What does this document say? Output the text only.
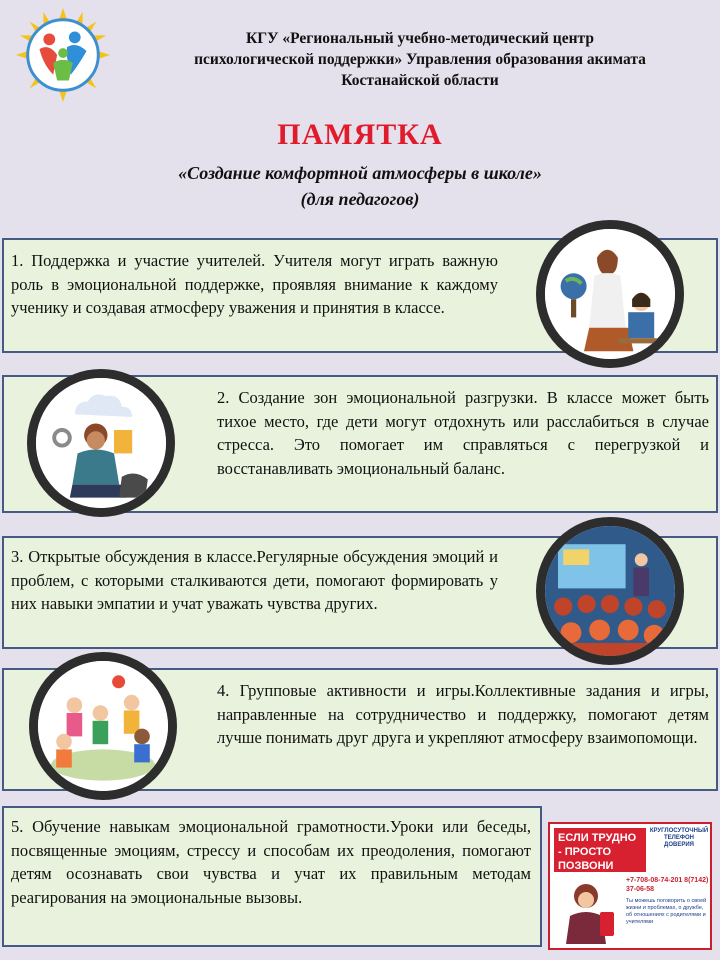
КГУ «Региональный учебно-методический центр
психологической поддержки» Управления образования акимата
Костанайской области
ПАМЯТКА
«Создание комфортной атмосферы в школе»
(для педагогов)
1. Поддержка и участие учителей. Учителя могут играть важную роль в эмоциональной поддержке, проявляя внимание к каждому ученику и создавая атмосферу уважения и принятия в классе.
2. Создание зон эмоциональной разгрузки. В классе может быть тихое место, где дети могут отдохнуть или расслабиться в случае стресса. Это помогает им справляться с перегрузкой и восстанавливать эмоциональный баланс.
3. Открытые обсуждения в классе.Регулярные обсуждения эмоций и проблем, с которыми сталкиваются дети, помогают формировать у них навыки эмпатии и учат уважать чувства других.
4. Групповые активности и игры.Коллективные задания и игры, направленные на сотрудничество и поддержку, помогают детям лучше понимать друг друга и укрепляют атмосферу взаимопомощи.
5. Обучение навыкам эмоциональной грамотности.Уроки или беседы, посвященные эмоциям, стрессу и способам их преодоления, помогают детям осознавать свои чувства и учат их правильным методам реагирования на эмоциональные вызовы.
ЕСЛИ ТРУДНО - ПРОСТО ПОЗВОНИ
КРУГЛОСУТОЧНЫЙ ТЕЛЕФОН ДОВЕРИЯ
+7-708-08-74-201 8(7142) 37-06-58
Ты можешь поговорить о своей жизни и проблемах, о дружбе, об отношениях с родителями и учителями
